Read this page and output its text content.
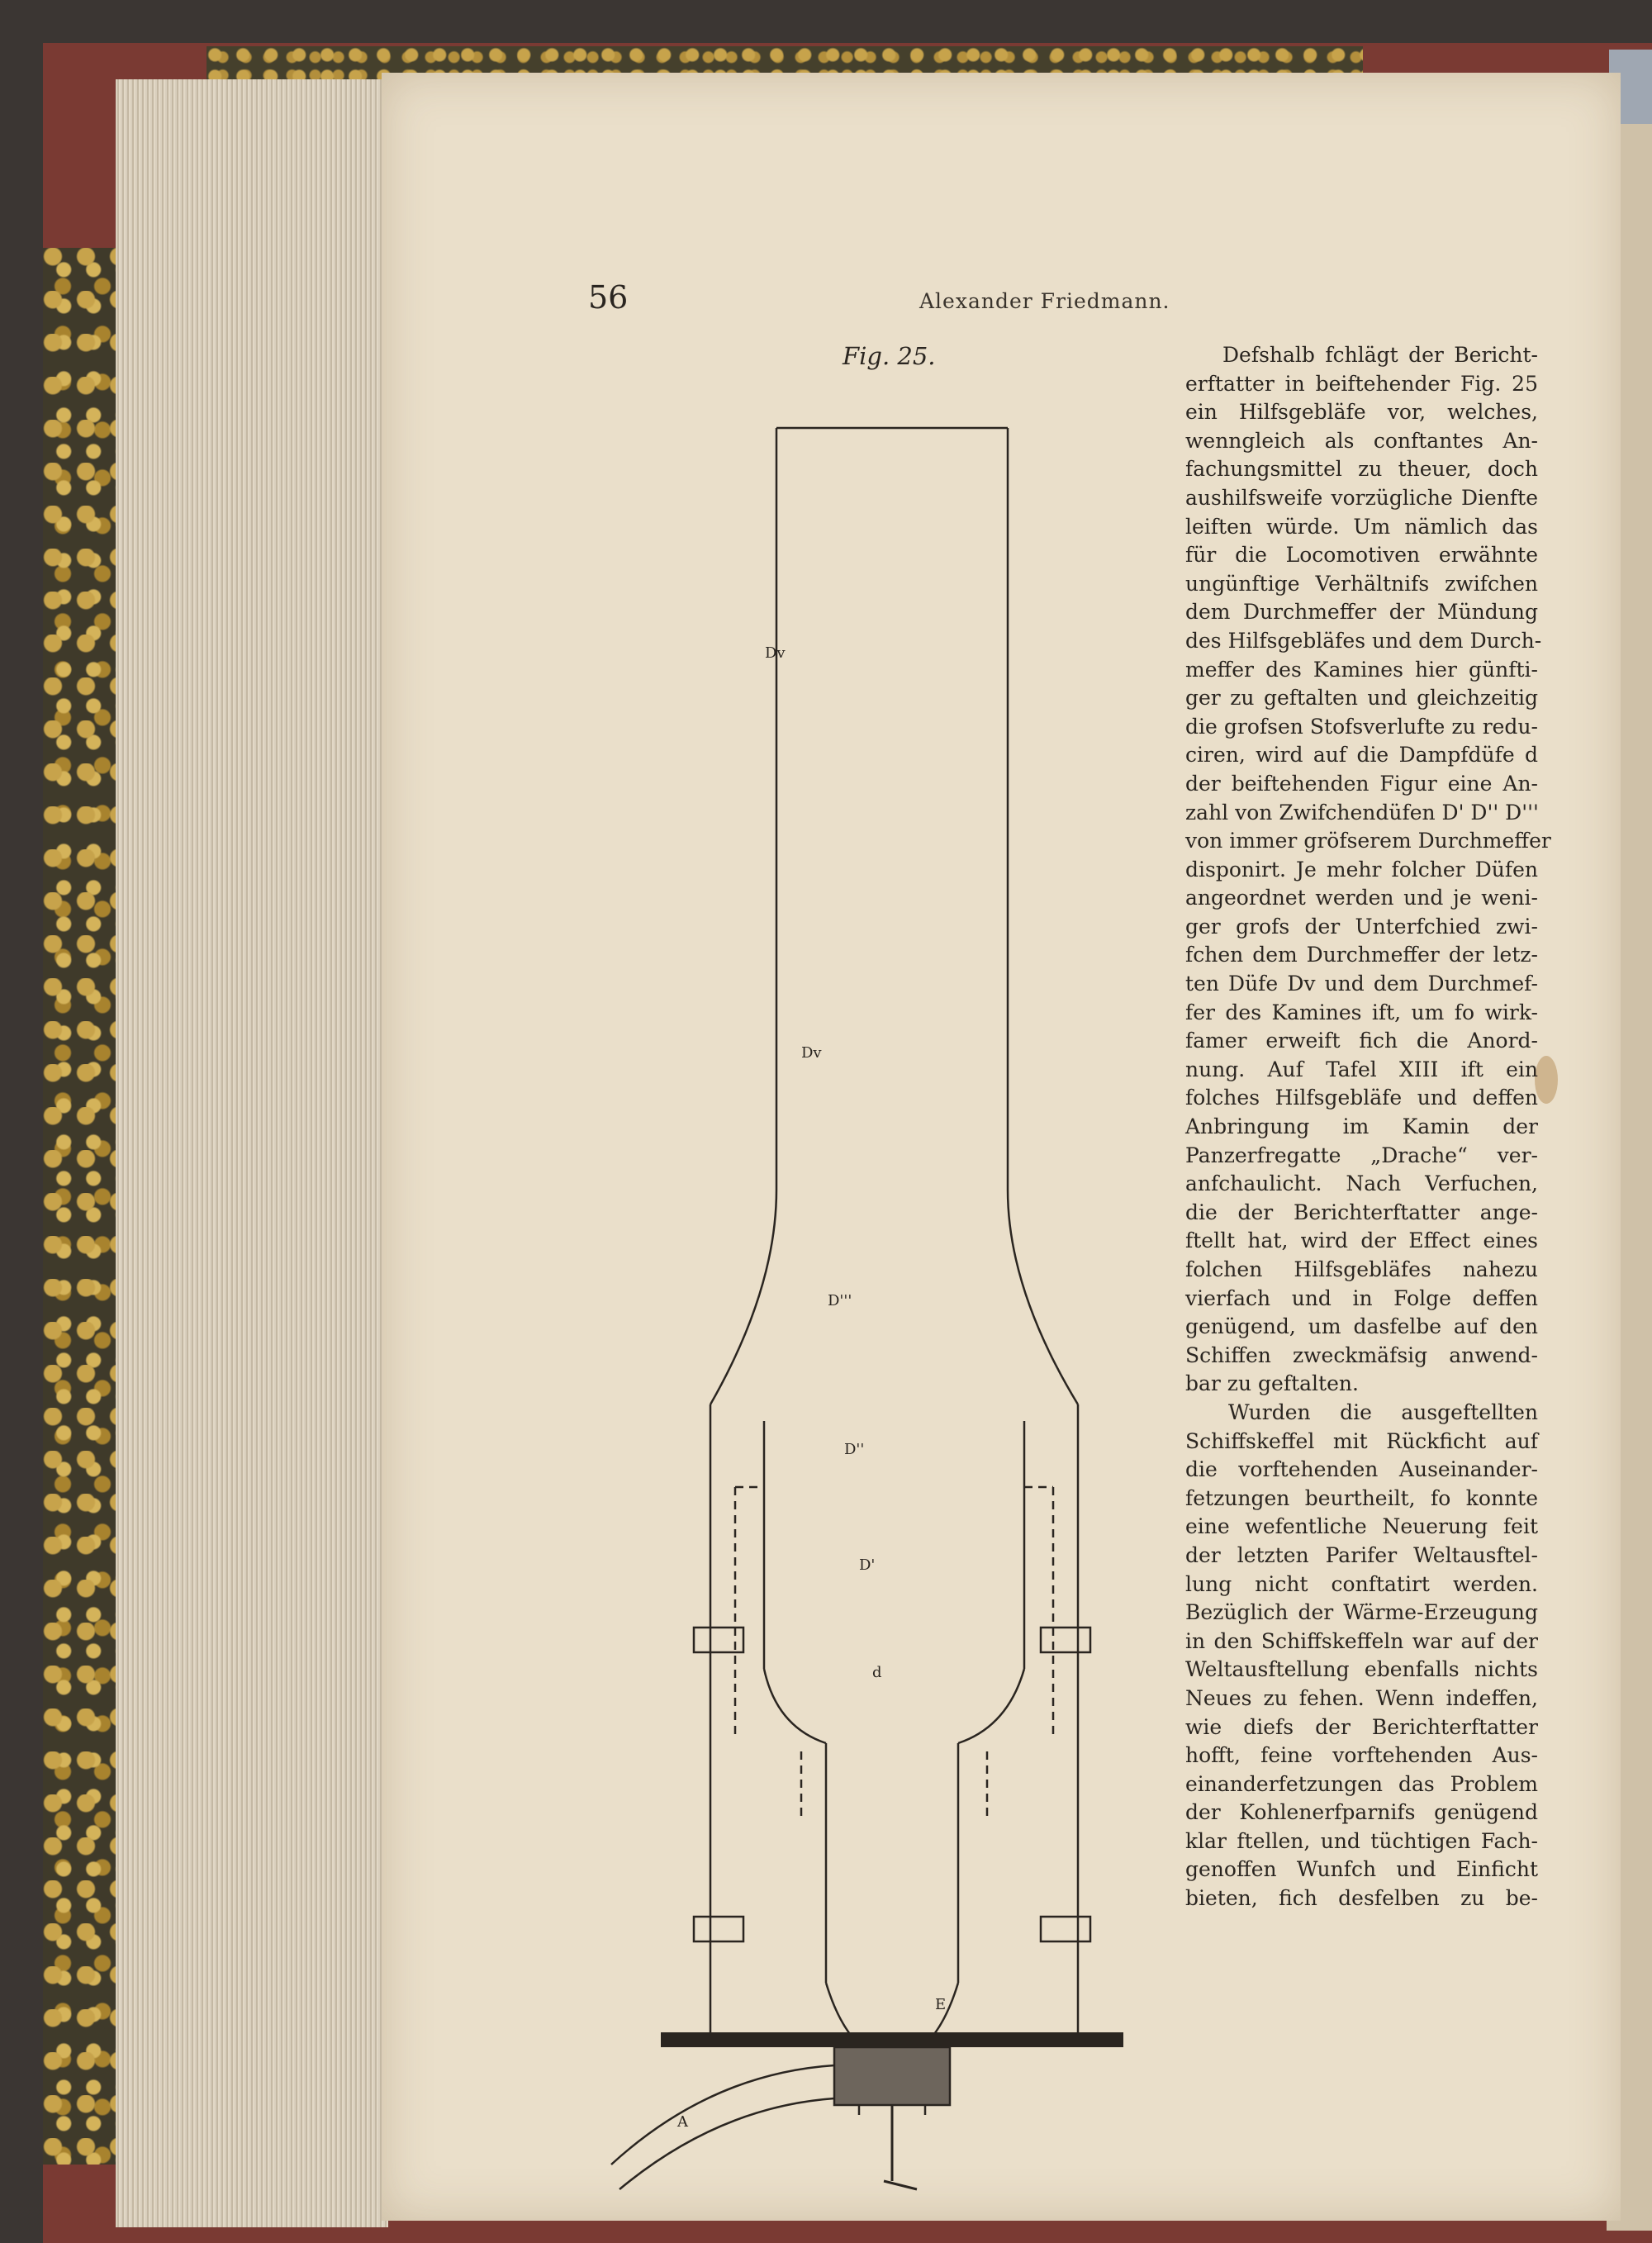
56	Alexander Friedmann.
Fig. 25.
Dv
Dv
D'''
D''
D'
d
A
E
Defshalb fchlägt der Bericht-
erftatter in beiftehender Fig. 25
ein Hilfsgebläfe vor, welches,
wenngleich als conftantes An-
fachungsmittel zu theuer, doch
aushilfsweife vorzügliche Dienfte
leiften würde. Um nämlich das
für die Locomotiven erwähnte
ungünftige Verhältnifs zwifchen
dem Durchmeffer der Mündung
des Hilfsgebläfes und dem Durch-
meffer des Kamines hier günfti-
ger zu geftalten und gleichzeitig
die grofsen Stofsverlufte zu redu-
ciren, wird auf die Dampfdüfe d
der beiftehenden Figur eine An-
zahl von Zwifchendüfen D' D'' D'''
von immer gröfserem Durchmeffer
disponirt. Je mehr folcher Düfen
angeordnet werden und je weni-
ger grofs der Unterfchied zwi-
fchen dem Durchmeffer der letz-
ten Düfe Dv und dem Durchmef-
fer des Kamines ift, um fo wirk-
famer erweift fich die Anord-
nung. Auf Tafel XIII ift ein
folches Hilfsgebläfe und deffen
Anbringung im Kamin der
Panzerfregatte „Drache“ ver-
anfchaulicht. Nach Verfuchen,
die der Berichterftatter ange-
ftellt hat, wird der Effect eines
folchen Hilfsgebläfes nahezu
vierfach und in Folge deffen
genügend, um dasfelbe auf den
Schiffen zweckmäfsig anwend-
bar zu geftalten.
Wurden die ausgeftellten
Schiffskeffel mit Rückficht auf
die vorftehenden Auseinander-
fetzungen beurtheilt, fo konnte
eine wefentliche Neuerung feit
der letzten Parifer Weltausftel-
lung nicht conftatirt werden.
Bezüglich der Wärme-Erzeugung
in den Schiffskeffeln war auf der
Weltausftellung ebenfalls nichts
Neues zu fehen. Wenn indeffen,
wie diefs der Berichterftatter
hofft, feine vorftehenden Aus-
einanderfetzungen das Problem
der Kohlenerfparnifs genügend
klar ftellen, und tüchtigen Fach-
genoffen Wunfch und Einficht
bieten, fich desfelben zu be-
